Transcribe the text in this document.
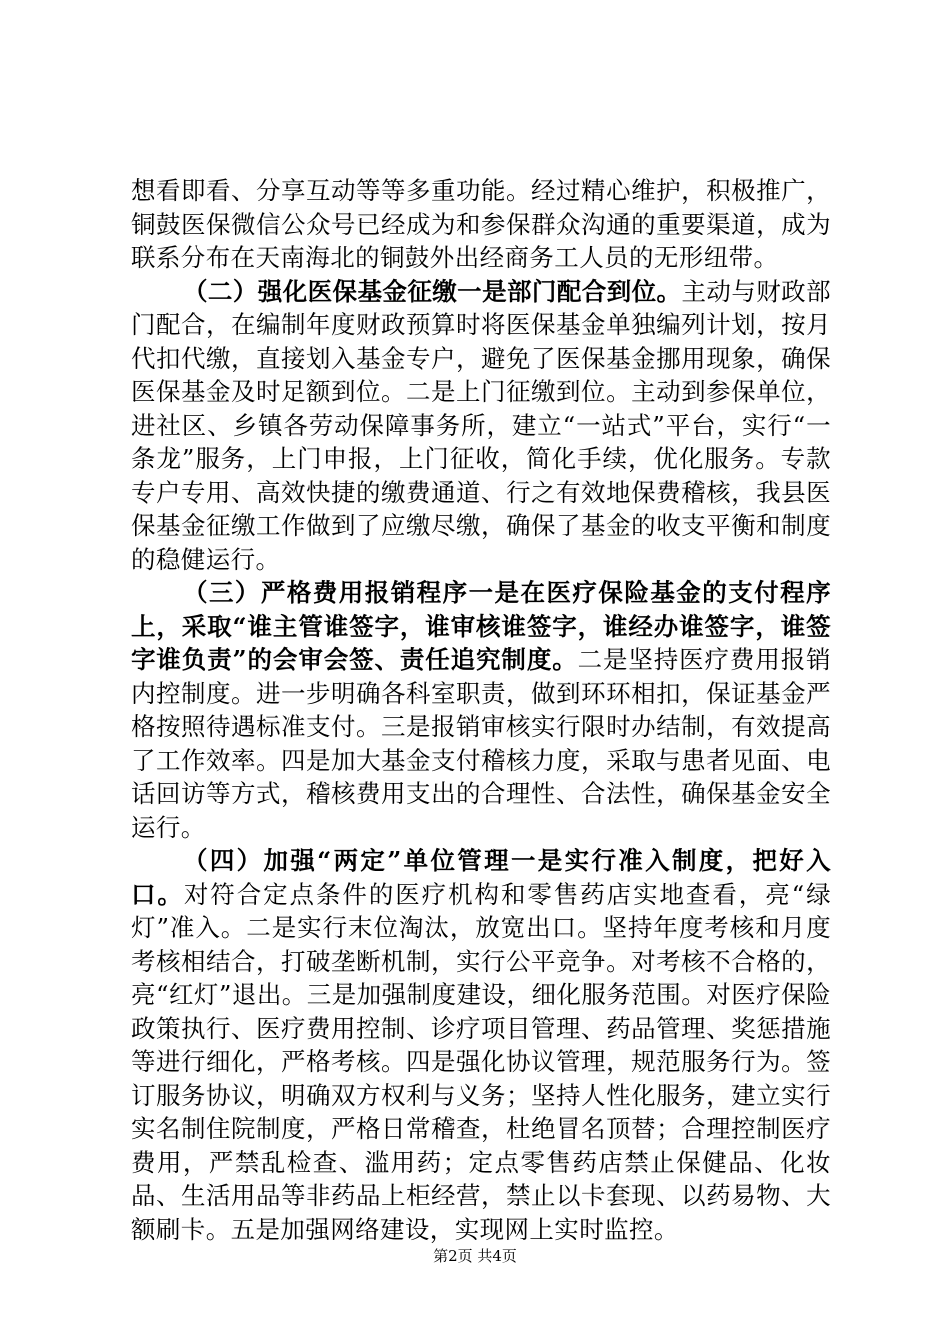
想看即看、分享互动等等多重功能。经过精心维护，积极推广，铜鼓医保微信公众号已经成为和参保群众沟通的重要渠道，成为联系分布在天南海北的铜鼓外出经商务工人员的无形纽带。

（二）强化医保基金征缴一是部门配合到位。主动与财政部门配合，在编制年度财政预算时将医保基金单独编列计划，按月代扣代缴，直接划入基金专户，避免了医保基金挪用现象，确保医保基金及时足额到位。二是上门征缴到位。主动到参保单位，进社区、乡镇各劳动保障事务所，建立“一站式”平台，实行“一条龙”服务，上门申报，上门征收，简化手续，优化服务。专款专户专用、高效快捷的缴费通道、行之有效地保费稽核，我县医保基金征缴工作做到了应缴尽缴，确保了基金的收支平衡和制度的稳健运行。

（三）严格费用报销程序一是在医疗保险基金的支付程序上，采取“谁主管谁签字，谁审核谁签字，谁经办谁签字，谁签字谁负责”的会审会签、责任追究制度。二是坚持医疗费用报销内控制度。进一步明确各科室职责，做到环环相扣，保证基金严格按照待遇标准支付。三是报销审核实行限时办结制，有效提高了工作效率。四是加大基金支付稽核力度，采取与患者见面、电话回访等方式，稽核费用支出的合理性、合法性，确保基金安全运行。

（四）加强“两定”单位管理一是实行准入制度，把好入口。对符合定点条件的医疗机构和零售药店实地查看，亮“绿灯”准入。二是实行末位淘汰，放宽出口。坚持年度考核和月度考核相结合，打破垄断机制，实行公平竞争。对考核不合格的，亮“红灯”退出。三是加强制度建设，细化服务范围。对医疗保险政策执行、医疗费用控制、诊疗项目管理、药品管理、奖惩措施等进行细化，严格考核。四是强化协议管理，规范服务行为。签订服务协议，明确双方权利与义务；坚持人性化服务，建立实行实名制住院制度，严格日常稽查，杜绝冒名顶替；合理控制医疗费用，严禁乱检查、滥用药；定点零售药店禁止保健品、化妆品、生活用品等非药品上柜经营，禁止以卡套现、以药易物、大额刷卡。五是加强网络建设，实现网上实时监控。

第2页 共4页
